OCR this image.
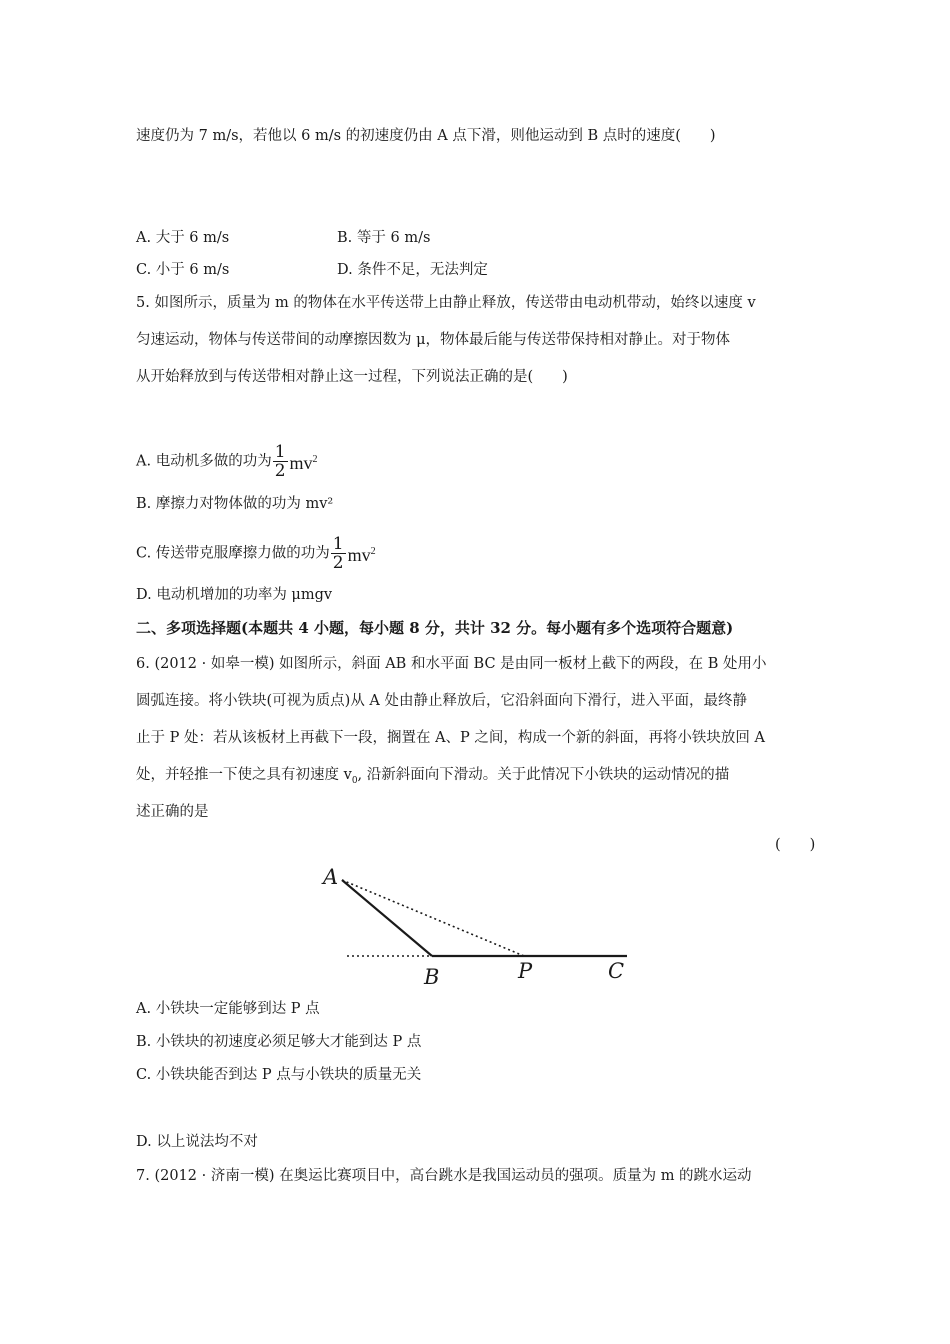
速度仍为 7 m/s，若他以 6 m/s 的初速度仍由 A 点下滑，则他运动到 B 点时的速度(　　)
A. 大于 6 m/s	B. 等于 6 m/s
C. 小于 6 m/s	D. 条件不足，无法判定
5. 如图所示，质量为 m 的物体在水平传送带上由静止释放，传送带由电动机带动，始终以速度 v
匀速运动，物体与传送带间的动摩擦因数为 μ，物体最后能与传送带保持相对静止。对于物体
从开始释放到与传送带相对静止这一过程，下列说法正确的是(　　)
A. 电动机多做的功为 $\frac{1}{2} mv^2$
B. 摩擦力对物体做的功为 mv²
C. 传送带克服摩擦力做的功为 $\frac{1}{2} mv^2$
D. 电动机增加的功率为 μmgv
二、多项选择题(本题共 4 小题，每小题 8 分，共计 32 分。每小题有多个选项符合题意)
6. (2012 · 如皋一模) 如图所示，斜面 AB 和水平面 BC 是由同一板材上截下的两段，在 B 处用小
圆弧连接。将小铁块(可视为质点)从 A 处由静止释放后，它沿斜面向下滑行，进入平面，最终静
止于 P 处：若从该板材上再截下一段，搁置在 A、P 之间，构成一个新的斜面，再将小铁块放回 A
处，并轻推一下使之具有初速度 $v_0$, 沿新斜面向下滑动。关于此情况下小铁块的运动情况的描
述正确的是
(　　)
A
B	P	C
A. 小铁块一定能够到达 P 点
B. 小铁块的初速度必须足够大才能到达 P 点
C. 小铁块能否到达 P 点与小铁块的质量无关
D. 以上说法均不对
7. (2012 · 济南一模) 在奥运比赛项目中，高台跳水是我国运动员的强项。质量为 m 的跳水运动
